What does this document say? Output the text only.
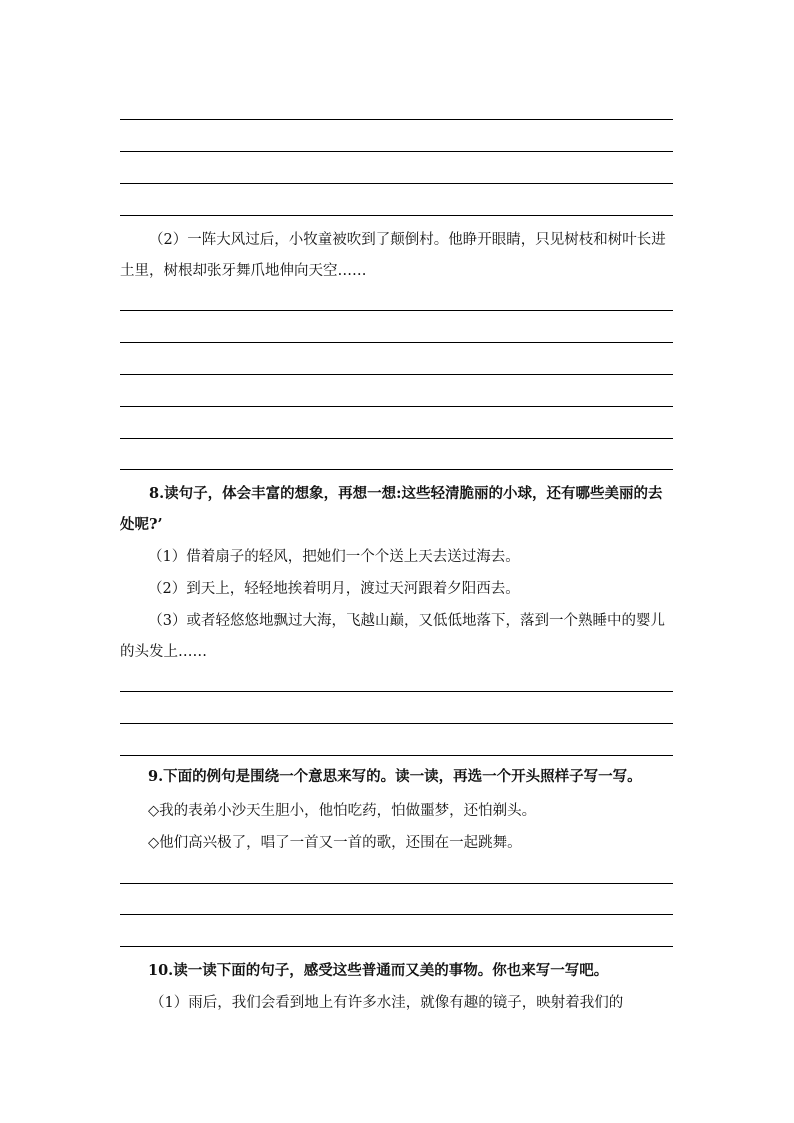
（2）一阵大风过后，小牧童被吹到了颠倒村。他睁开眼睛，只见树枝和树叶长进土里，树根却张牙舞爪地伸向天空……

8.读句子，体会丰富的想象，再想一想:这些轻清脆丽的小球，还有哪些美丽的去处呢?’

（1）借着扇子的轻风，把她们一个个送上天去送过海去。

（2）到天上，轻轻地挨着明月，渡过天河跟着夕阳西去。

（3）或者轻悠悠地飘过大海，飞越山巅，又低低地落下，落到一个熟睡中的婴儿的头发上……

9.下面的例句是围绕一个意思来写的。读一读，再选一个开头照样子写一写。

◇我的表弟小沙天生胆小，他怕吃药，怕做噩梦，还怕剃头。

◇他们高兴极了，唱了一首又一首的歌，还围在一起跳舞。

10.读一读下面的句子，感受这些普通而又美的事物。你也来写一写吧。

（1）雨后，我们会看到地上有许多水洼，就像有趣的镜子，映射着我们的
